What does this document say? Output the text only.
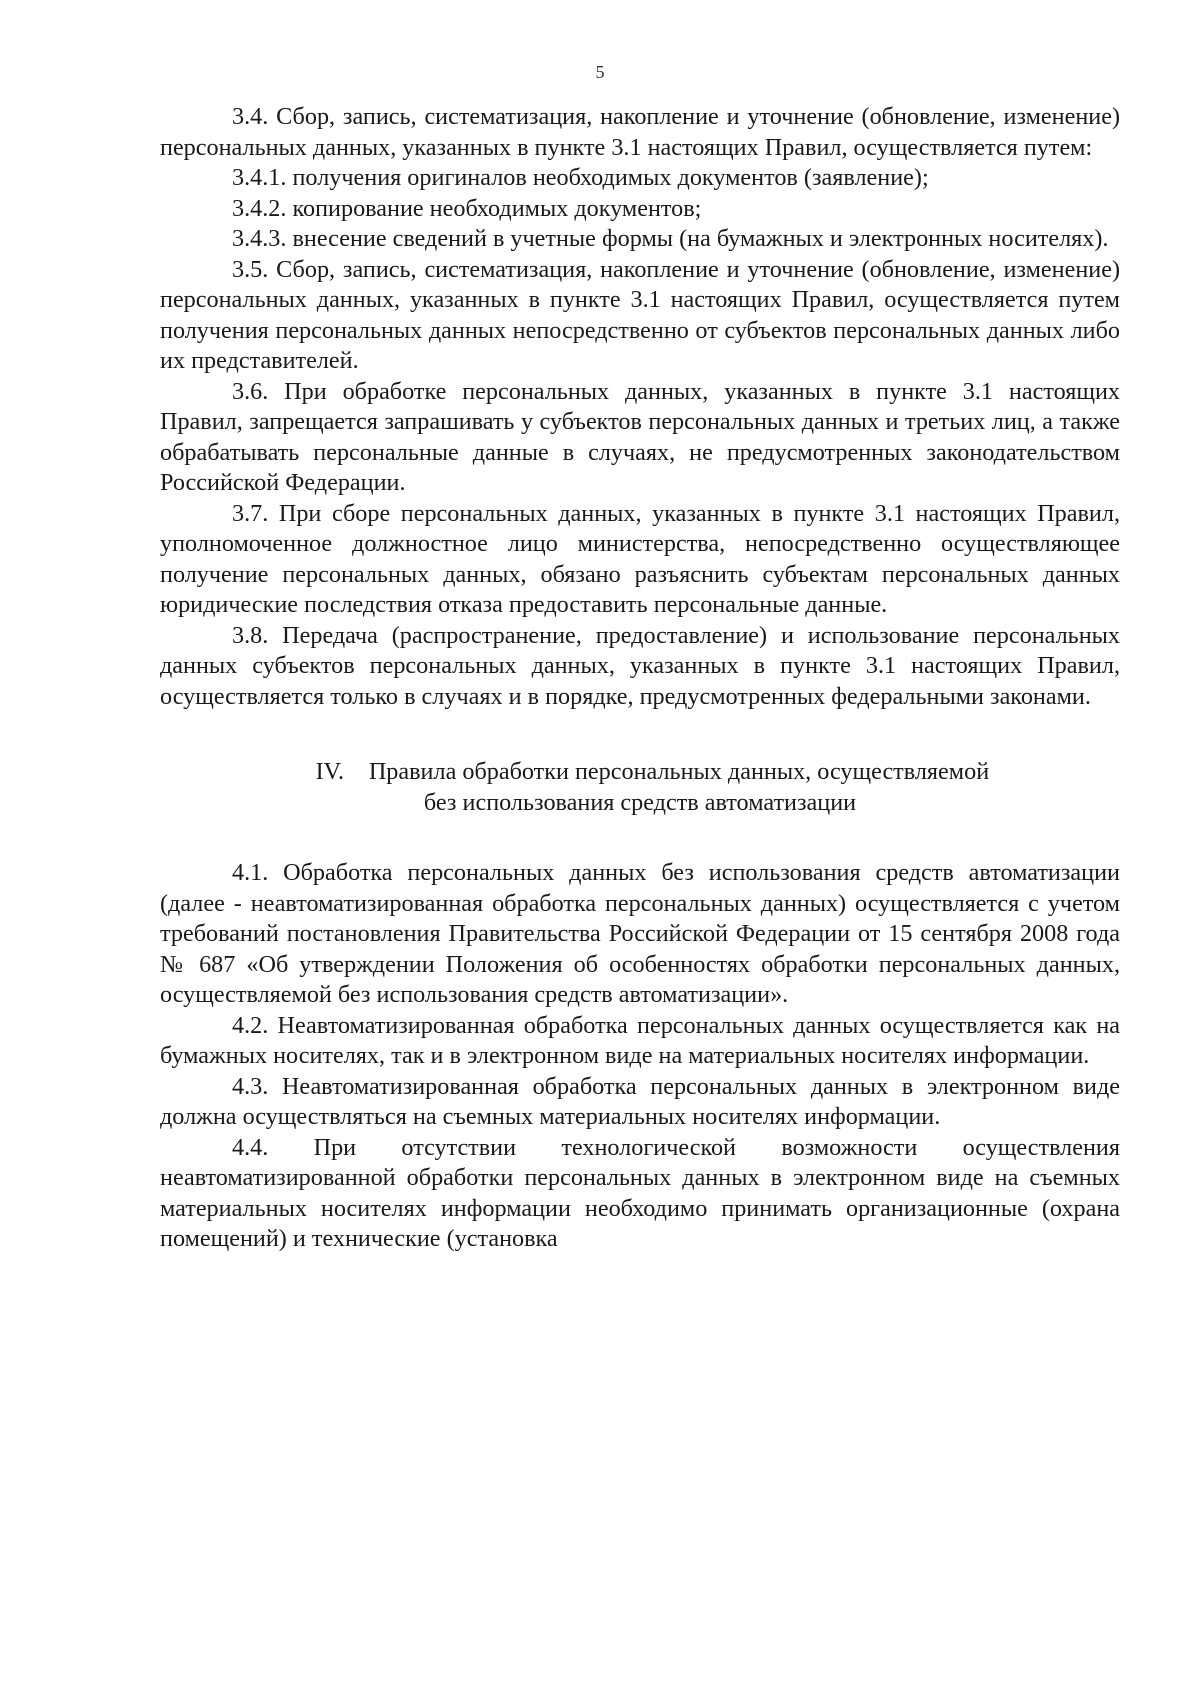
5

3.4. Сбор, запись, систематизация, накопление и уточнение (обновление, изменение) персональных данных, указанных в пункте 3.1 настоящих Правил, осуществляется путем:

3.4.1. получения оригиналов необходимых документов (заявление);

3.4.2. копирование необходимых документов;

3.4.3. внесение сведений в учетные формы (на бумажных и электронных носителях).

3.5. Сбор, запись, систематизация, накопление и уточнение (обновление, изменение) персональных данных, указанных в пункте 3.1 настоящих Правил, осуществляется путем получения персональных данных непосредственно от субъектов персональных данных либо их представителей.

3.6. При обработке персональных данных, указанных в пункте 3.1 настоящих Правил, запрещается запрашивать у субъектов персональных данных и третьих лиц, а также обрабатывать персональные данные в случаях, не предусмотренных законодательством Российской Федерации.

3.7. При сборе персональных данных, указанных в пункте 3.1 настоящих Правил, уполномоченное должностное лицо министерства, непосредственно осуществляющее получение персональных данных, обязано разъяснить субъектам персональных данных юридические последствия отказа предоставить персональные данные.

3.8. Передача (распространение, предоставление) и использование персональных данных субъектов персональных данных, указанных в пункте 3.1 настоящих Правил, осуществляется только в случаях и в порядке, предусмотренных федеральными законами.

IV. Правила обработки персональных данных, осуществляемой
без использования средств автоматизации

4.1. Обработка персональных данных без использования средств автоматизации (далее - неавтоматизированная обработка персональных данных) осуществляется с учетом требований постановления Правительства Российской Федерации от 15 сентября 2008 года № 687 «Об утверждении Положения об особенностях обработки персональных данных, осуществляемой без использования средств автоматизации».

4.2. Неавтоматизированная обработка персональных данных осуществляется как на бумажных носителях, так и в электронном виде на материальных носителях информации.

4.3. Неавтоматизированная обработка персональных данных в электронном виде должна осуществляться на съемных материальных носителях информации.

4.4. При отсутствии технологической возможности осуществления неавтоматизированной обработки персональных данных в электронном виде на съемных материальных носителях информации необходимо принимать организационные (охрана помещений) и технические (установка
